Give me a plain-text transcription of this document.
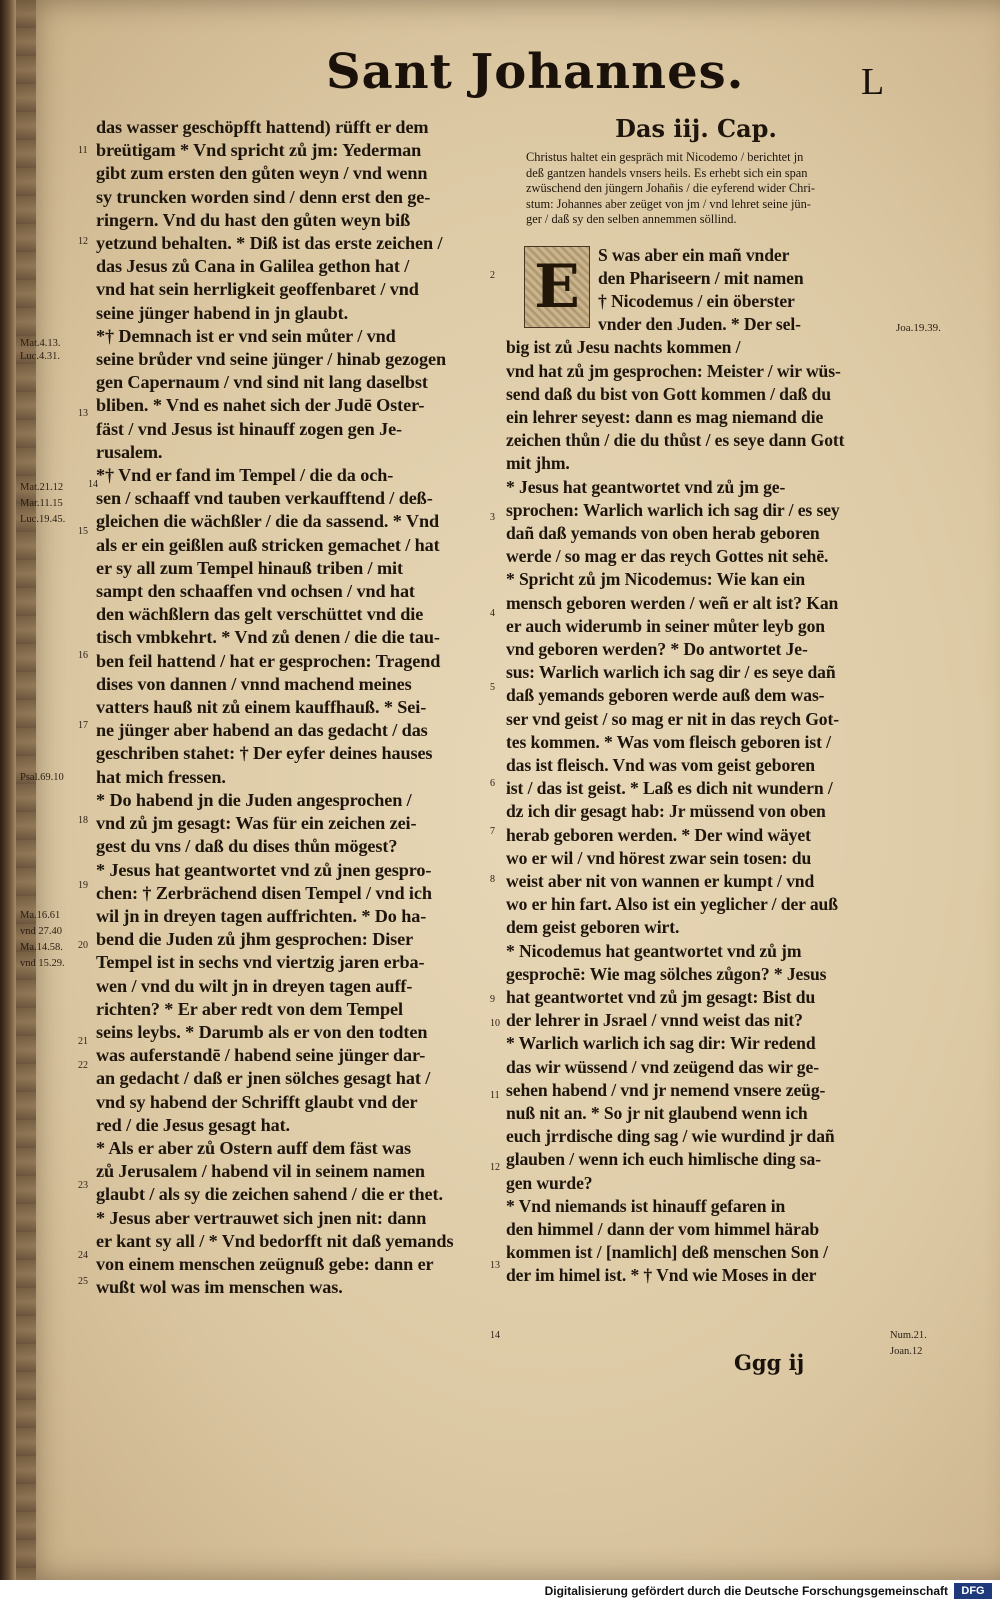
Sant Johannes.	L
das wasser geschöpfft hattend) rüfft er dem
breütigam * Vnd spricht zů jm: Yederman
gibt zum ersten den gůten weyn / vnd wenn
sy truncken worden sind / denn erst den ge-
ringern. Vnd du hast den gůten weyn biß
yetzund behalten. * Diß ist das erste zeichen /
das Jesus zů Cana in Galilea gethon hat /
vnd hat sein herrligkeit geoffenbaret / vnd
seine jünger habend in jn glaubt.
*† Demnach ist er vnd sein můter / vnd
seine brůder vnd seine jünger / hinab gezogen
gen Capernaum / vnd sind nit lang daselbst
bliben. * Vnd es nahet sich der Judē Oster-
fäst / vnd Jesus ist hinauff zogen gen Je-
rusalem.
*† Vnd er fand im Tempel / die da och-
sen / schaaff vnd tauben verkaufftend / deß-
gleichen die wächßler / die da sassend. * Vnd
als er ein geißlen auß stricken gemachet / hat
er sy all zum Tempel hinauß triben / mit
sampt den schaaffen vnd ochsen / vnd hat
den wächßlern das gelt verschüttet vnd die
tisch vmbkehrt. * Vnd zů denen / die die tau-
ben feil hattend / hat er gesprochen: Tragend
dises von dannen / vnnd machend meines
vatters hauß nit zů einem kauffhauß. * Sei-
ne jünger aber habend an das gedacht / das
geschriben stahet: † Der eyfer deines hauses
hat mich fressen.
* Do habend jn die Juden angesprochen /
vnd zů jm gesagt: Was für ein zeichen zei-
gest du vns / daß du dises thůn mögest?
* Jesus hat geantwortet vnd zů jnen gespro-
chen: † Zerbrächend disen Tempel / vnd ich
wil jn in dreyen tagen auffrichten. * Do ha-
bend die Juden zů jhm gesprochen: Diser
Tempel ist in sechs vnd viertzig jaren erba-
wen / vnd du wilt jn in dreyen tagen auff-
richten? * Er aber redt von dem Tempel
seins leybs. * Darumb als er von den todten
was auferstandē / habend seine jünger dar-
an gedacht / daß er jnen sölches gesagt hat /
vnd sy habend der Schrifft glaubt vnd der
red / die Jesus gesagt hat.
* Als er aber zů Ostern auff dem fäst was
zů Jerusalem / habend vil in seinem namen
glaubt / als sy die zeichen sahend / die er thet.
* Jesus aber vertrauwet sich jnen nit: dann
er kant sy all / * Vnd bedorfft nit daß yemands
von einem menschen zeügnuß gebe: dann er
wußt wol was im menschen was.
Das iij. Cap.
Christus haltet ein gespräch mit Nicodemo / berichtet jn
deß gantzen handels vnsers heils. Es erhebt sich ein span
zwüschend den jüngern Johañis / die eyferend wider Chri-
stum: Johannes aber zeüget von jm / vnd lehret seine jün-
ger / daß sy den selben annemmen söllind.
E	S was aber ein mañ vnder
den Phariseern / mit namen
† Nicodemus / ein öberster
vnder den Juden. * Der sel-
big ist zů Jesu nachts kommen /
vnd hat zů jm gesprochen: Meister / wir wüs-
send daß du bist von Gott kommen / daß du
ein lehrer seyest: dann es mag niemand die
zeichen thůn / die du thůst / es seye dann Gott
mit jhm.
* Jesus hat geantwortet vnd zů jm ge-
sprochen: Warlich warlich ich sag dir / es sey
dañ daß yemands von oben herab geboren
werde / so mag er das reych Gottes nit sehē.
* Spricht zů jm Nicodemus: Wie kan ein
mensch geboren werden / weñ er alt ist? Kan
er auch widerumb in seiner můter leyb gon
vnd geboren werden? * Do antwortet Je-
sus: Warlich warlich ich sag dir / es seye dañ
daß yemands geboren werde auß dem was-
ser vnd geist / so mag er nit in das reych Got-
tes kommen. * Was vom fleisch geboren ist /
das ist fleisch. Vnd was vom geist geboren
ist / das ist geist. * Laß es dich nit wundern /
dz ich dir gesagt hab: Jr müssend von oben
herab geboren werden. * Der wind wäyet
wo er wil / vnd hörest zwar sein tosen: du
weist aber nit von wannen er kumpt / vnd
wo er hin fart. Also ist ein yeglicher / der auß
dem geist geboren wirt.
* Nicodemus hat geantwortet vnd zů jm
gesprochē: Wie mag sölches zůgon? * Jesus
hat geantwortet vnd zů jm gesagt: Bist du
der lehrer in Jsrael / vnnd weist das nit?
* Warlich warlich ich sag dir: Wir redend
das wir wüssend / vnd zeügend das wir ge-
sehen habend / vnd jr nemend vnsere zeüg-
nuß nit an. * So jr nit glaubend wenn ich
euch jrrdische ding sag / wie wurdind jr dañ
glauben / wenn ich euch himlische ding sa-
gen wurde?
* Vnd niemands ist hinauff gefaren in
den himmel / dann der vom himmel härab
kommen ist / [namlich] deß menschen Son /
der im himel ist. * † Vnd wie Moses in der
Mat.4.13.
Luc.4.31.
Mat.21.12
Mar.11.15
Luc.19.45.
Psal.69.10
Ma.16.61
vnd 27.40
Ma.14.58.
vnd 15.29.
Joa.19.39.
Num.21.
Joan.12
11
12
13
14
15
16
17
18
19
20
21
22
23
24
25
2
3
4
5
6
7
8
9
10
11
12
13
14
Ggg ij
Digitalisierung gefördert durch die Deutsche Forschungsgemeinschaft	DFG
